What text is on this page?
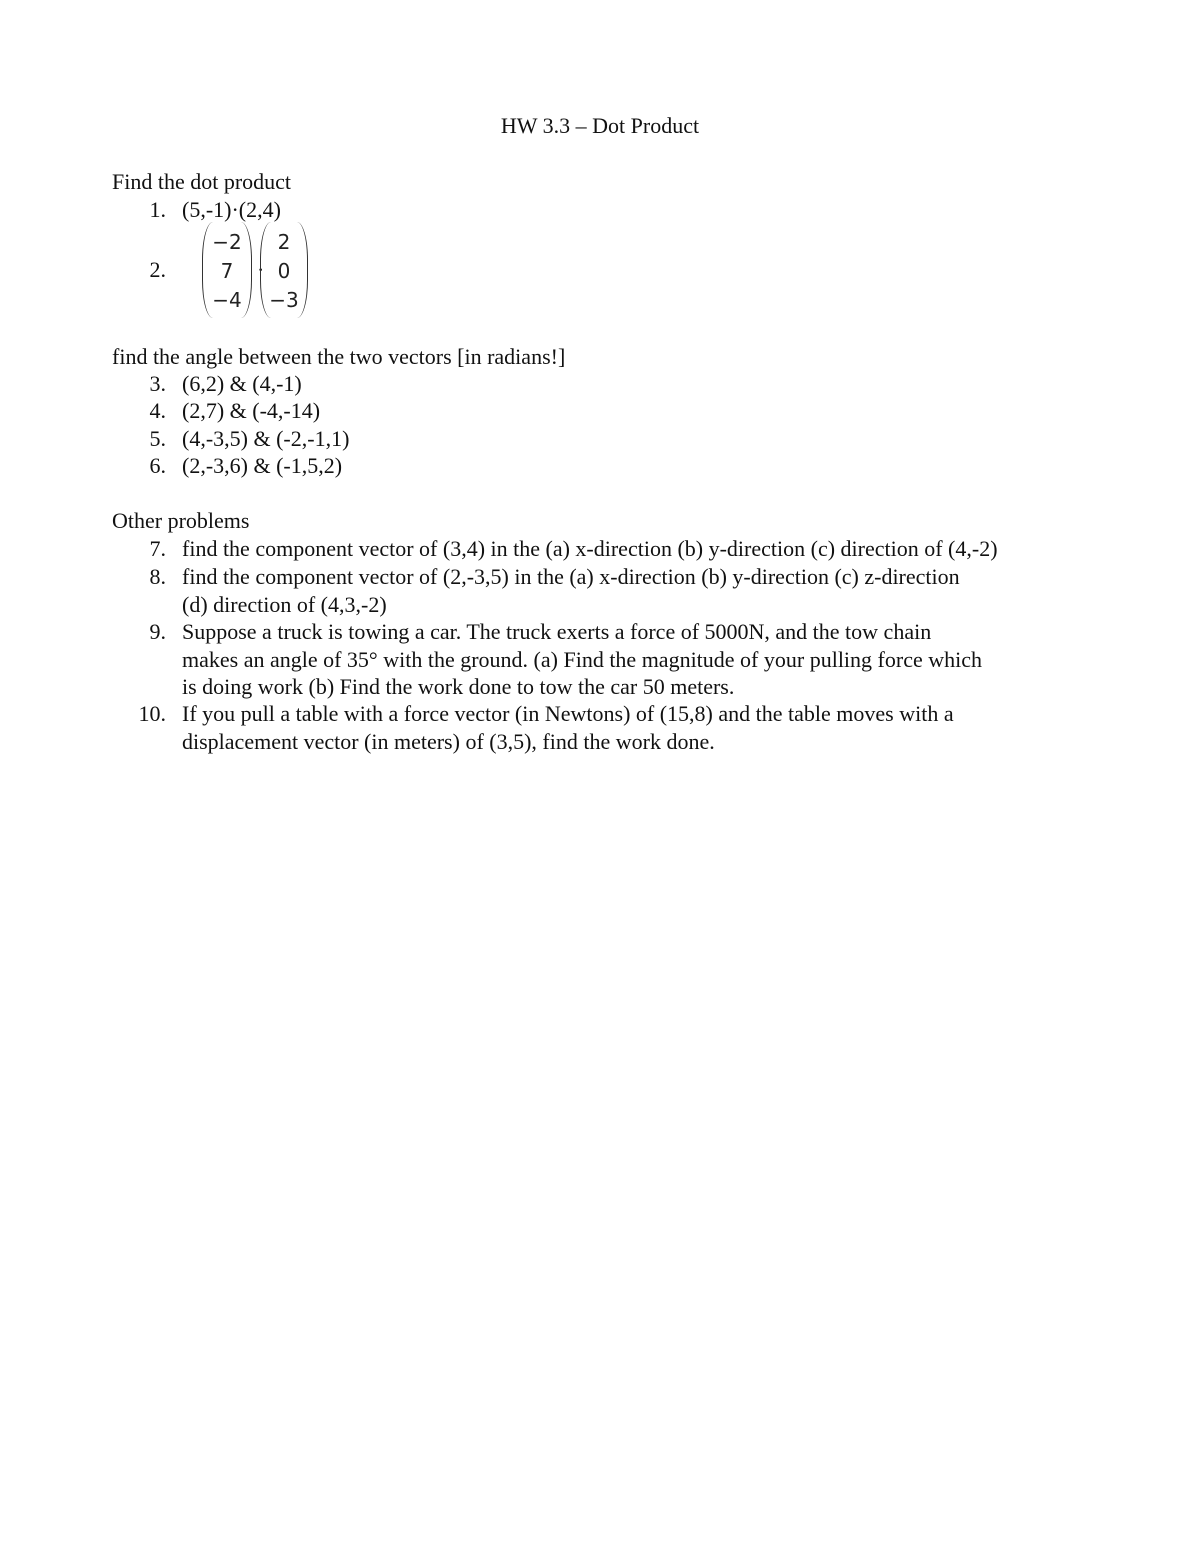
HW 3.3 – Dot Product
Find the dot product
1. (5,-1)·(2,4)
2.
−2
7
−4
·
2
0
−3
find the angle between the two vectors [in radians!]
3. (6,2) & (4,-1)
4. (2,7) & (-4,-14)
5. (4,-3,5) & (-2,-1,1)
6. (2,-3,6) & (-1,5,2)
Other problems
7. find the component vector of (3,4) in the (a) x-direction (b) y-direction (c) direction of (4,-2)
8. find the component vector of (2,-3,5) in the (a) x-direction (b) y-direction (c) z-direction
(d) direction of (4,3,-2)
9. Suppose a truck is towing a car. The truck exerts a force of 5000N, and the tow chain
makes an angle of 35° with the ground. (a) Find the magnitude of your pulling force which
is doing work (b) Find the work done to tow the car 50 meters.
10. If you pull a table with a force vector (in Newtons) of (15,8) and the table moves with a
displacement vector (in meters) of (3,5), find the work done.
